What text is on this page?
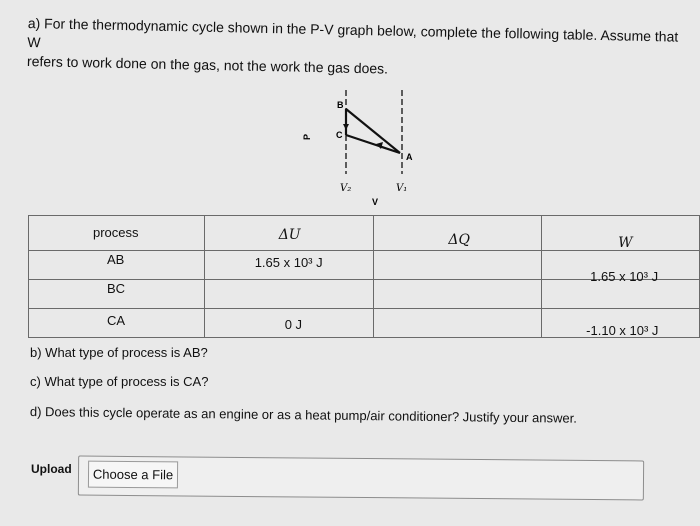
a) For the thermodynamic cycle shown in the P-V graph below, complete the following table. Assume that W
refers to work done on the gas, not the work the gas does.
B
C
A
P
V₂	V₁
V
process	ΔU	ΔQ	W

AB	1.65 x 10³ J		1.65 x 10³ J

BC			

CA	0 J		-1.10 x 10³ J
b) What type of process is AB?
c) What type of process is CA?
d) Does this cycle operate as an engine or as a heat pump/air conditioner? Justify your answer.
Upload	Choose a File
